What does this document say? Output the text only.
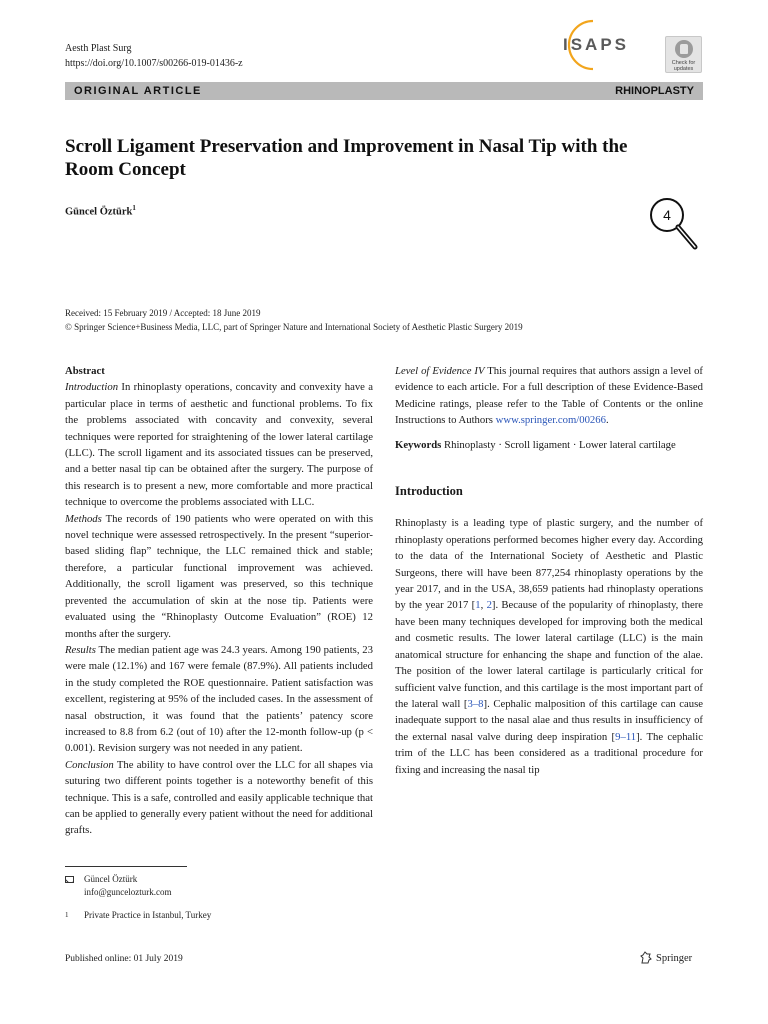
Aesth Plast Surg
https://doi.org/10.1007/s00266-019-01436-z
ISAPS
Check for
updates
ORIGINAL ARTICLE	RHINOPLASTY
Scroll Ligament Preservation and Improvement in Nasal Tip with the Room Concept
Güncel Öztürk$^1$	4
Received: 15 February 2019 / Accepted: 18 June 2019
© Springer Science+Business Media, LLC, part of Springer Nature and International Society of Aesthetic Plastic Surgery 2019

Abstract

Introduction In rhinoplasty operations, concavity and convexity have a particular place in terms of aesthetic and functional problems. To fix the problems associated with concavity and convexity, several techniques were reported for straightening of the lower lateral cartilage (LLC). The scroll ligament and its associated tissues can be preserved, and a better nasal tip can be obtained after the surgery. The purpose of this research is to present a new, more comfortable and more practical technique to overcome the problems associated with LLC.

Methods The records of 190 patients who were operated on with this novel technique were assessed retrospectively. In the present “superior-based sliding flap” technique, the LLC remained thick and stable; therefore, a particular functional improvement was achieved. Additionally, the scroll ligament was preserved, so this technique prevented the accumulation of skin at the nose tip. Patients were evaluated using the “Rhinoplasty Outcome Evaluation” (ROE) 12 months after the surgery.

Results The median patient age was 24.3 years. Among 190 patients, 23 were male (12.1%) and 167 were female (87.9%). All patients included in the study completed the ROE questionnaire. Patient satisfaction was excellent, registering at 95% of the included cases. In the assessment of nasal obstruction, it was found that the patients’ patency score increased to 8.8 from 6.2 (out of 10) after the 12-month follow-up (p < 0.001). Revision surgery was not needed in any patient.

Conclusion The ability to have control over the LLC for all shapes via suturing two different points together is a noteworthy benefit of this technique. This is a safe, controlled and easily applicable technique that can be applied to generally every patient without the need for additional grafts.

Level of Evidence IV This journal requires that authors assign a level of evidence to each article. For a full description of these Evidence-Based Medicine ratings, please refer to the Table of Contents or the online Instructions to Authors www.springer.com/00266.

Keywords Rhinoplasty · Scroll ligament · Lower lateral cartilage

Introduction

Rhinoplasty is a leading type of plastic surgery, and the number of rhinoplasty operations performed becomes higher every day. According to the data of the International Society of Aesthetic and Plastic Surgeons, there will have been 877,254 rhinoplasty operations by the year 2017, and in the USA, 38,659 patients had rhinoplasty operations by the year 2017 [1, 2]. Because of the popularity of rhinoplasty, there have been many techniques developed for improving both the medical and cosmetic results. The lower lateral cartilage (LLC) is the main anatomical structure for enhancing the shape and function of the alae. The position of the lower lateral cartilage is particularly critical for sufficient valve function, and this cartilage is the most important part of the lateral wall [3–8]. Cephalic malposition of this cartilage can cause inadequate support to the nasal alae and thus results in insufficiency of the external nasal valve during deep inspiration [9–11]. The cephalic trim of the LLC has been considered as a traditional procedure for fixing and increasing the nasal tip

Güncel Öztürk
info@guncelozturk.com
1	Private Practice in Istanbul, Turkey
Published online: 01 July 2019	Springer
